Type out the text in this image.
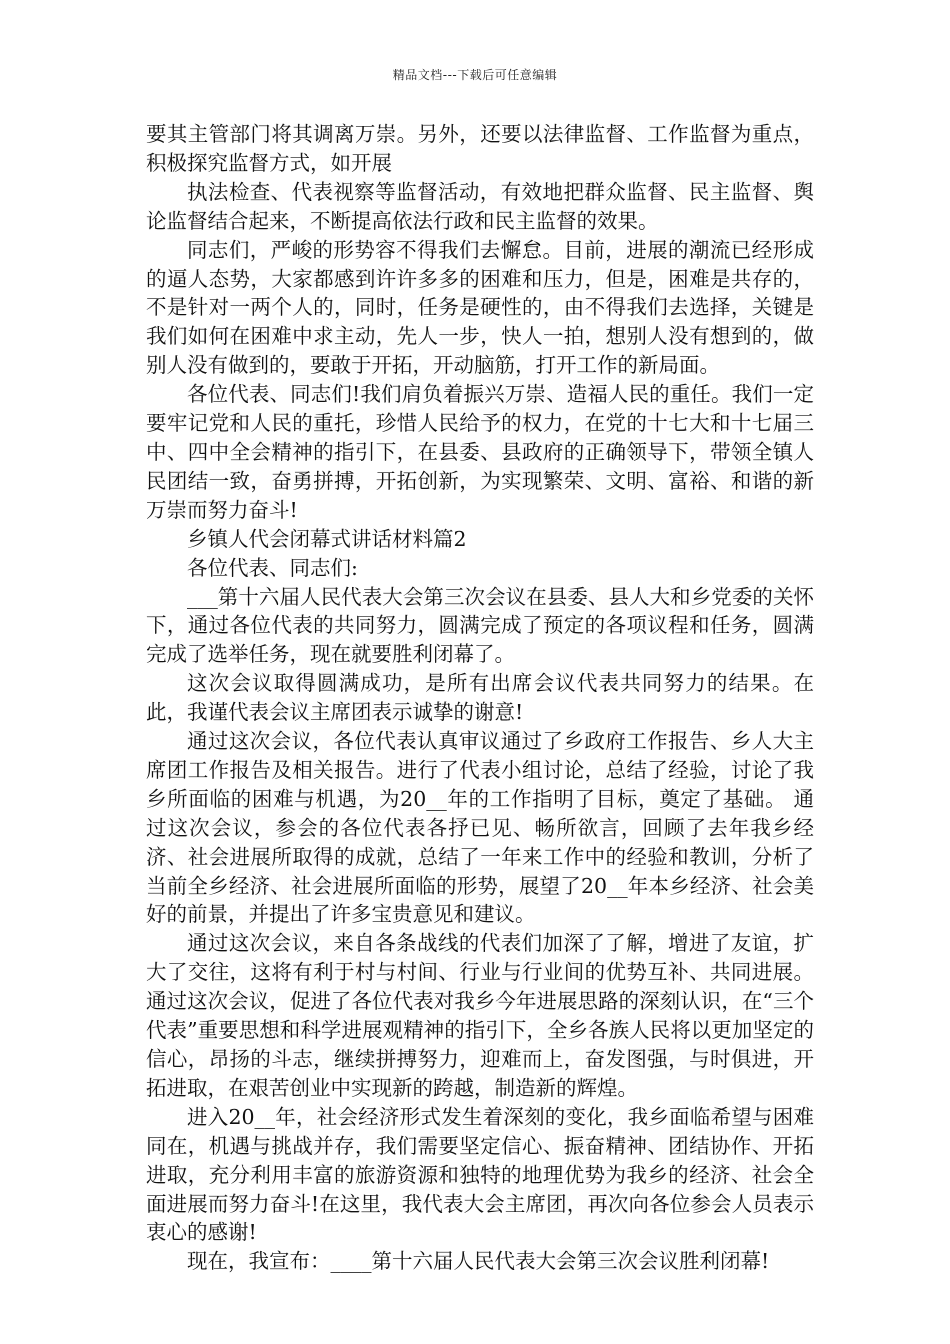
精品文档---下载后可任意编辑

要其主管部门将其调离万崇。另外，还要以法律监督、工作监督为重点，积极探究监督方式，如开展

执法检查、代表视察等监督活动，有效地把群众监督、民主监督、舆论监督结合起来，不断提高依法行政和民主监督的效果。

同志们，严峻的形势容不得我们去懈怠。目前，进展的潮流已经形成的逼人态势，大家都感到许许多多的困难和压力，但是，困难是共存的，不是针对一两个人的，同时，任务是硬性的，由不得我们去选择，关键是我们如何在困难中求主动，先人一步，快人一拍，想别人没有想到的，做别人没有做到的，要敢于开拓，开动脑筋，打开工作的新局面。

各位代表、同志们!我们肩负着振兴万崇、造福人民的重任。我们一定要牢记党和人民的重托，珍惜人民给予的权力，在党的十七大和十七届三中、四中全会精神的指引下，在县委、县政府的正确领导下，带领全镇人民团结一致，奋勇拼搏，开拓创新，为实现繁荣、文明、富裕、和谐的新万崇而努力奋斗!

乡镇人代会闭幕式讲话材料篇2

各位代表、同志们:

___第十六届人民代表大会第三次会议在县委、县人大和乡党委的关怀下，通过各位代表的共同努力，圆满完成了预定的各项议程和任务，圆满完成了选举任务，现在就要胜利闭幕了。

这次会议取得圆满成功，是所有出席会议代表共同努力的结果。在此，我谨代表会议主席团表示诚挚的谢意!

通过这次会议，各位代表认真审议通过了乡政府工作报告、乡人大主席团工作报告及相关报告。进行了代表小组讨论，总结了经验，讨论了我乡所面临的困难与机遇，为20__年的工作指明了目标，奠定了基础。 通过这次会议，参会的各位代表各抒已见、畅所欲言，回顾了去年我乡经济、社会进展所取得的成就，总结了一年来工作中的经验和教训，分析了当前全乡经济、社会进展所面临的形势，展望了20__年本乡经济、社会美好的前景，并提出了许多宝贵意见和建议。

通过这次会议，来自各条战线的代表们加深了了解，增进了友谊，扩大了交往，这将有利于村与村间、行业与行业间的优势互补、共同进展。 通过这次会议，促进了各位代表对我乡今年进展思路的深刻认识，在“三个代表”重要思想和科学进展观精神的指引下，全乡各族人民将以更加坚定的信心，昂扬的斗志，继续拼搏努力，迎难而上，奋发图强，与时俱进，开拓进取，在艰苦创业中实现新的跨越，制造新的辉煌。

进入20__年，社会经济形式发生着深刻的变化，我乡面临希望与困难同在，机遇与挑战并存，我们需要坚定信心、振奋精神、团结协作、开拓进取，充分利用丰富的旅游资源和独特的地理优势为我乡的经济、社会全面进展而努力奋斗!在这里，我代表大会主席团，再次向各位参会人员表示衷心的感谢!

现在，我宣布：____第十六届人民代表大会第三次会议胜利闭幕!
